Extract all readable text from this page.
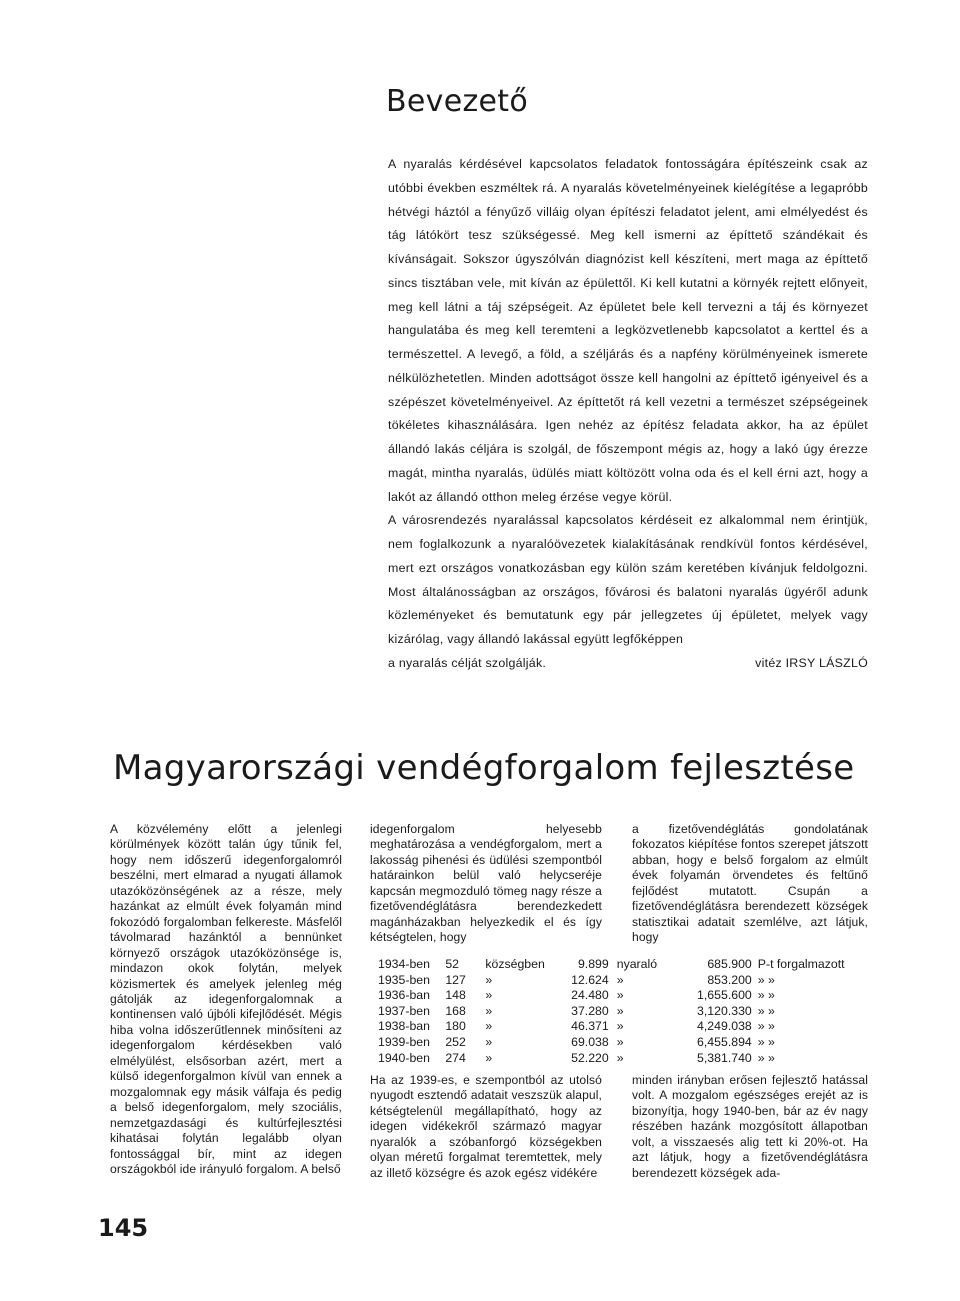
Bevezető

A nyaralás kérdésével kapcsolatos feladatok fontosságára építészeink csak az utóbbi években eszméltek rá. A nyaralás követelményeinek kielégítése a legapróbb hétvégi háztól a fényűző villáig olyan építészi feladatot jelent, ami elmélyedést és tág látókört tesz szükségessé. Meg kell ismerni az építtető szándékait és kívánságait. Sokszor úgyszólván diagnózist kell készíteni, mert maga az építtető sincs tisztában vele, mit kíván az épülettől. Ki kell kutatni a környék rejtett előnyeit, meg kell látni a táj szépségeit. Az épületet bele kell tervezni a táj és környezet hangulatába és meg kell teremteni a legközvetlenebb kapcsolatot a kerttel és a természettel. A levegő, a föld, a széljárás és a napfény körülményeinek ismerete nélkülözhetetlen. Minden adottságot össze kell hangolni az építtető igényeivel és a szépészet követelményeivel. Az építtetőt rá kell vezetni a természet szépségeinek tökéletes kihasználására. Igen nehéz az építész feladata akkor, ha az épület állandó lakás céljára is szolgál, de főszempont mégis az, hogy a lakó úgy érezze magát, mintha nyaralás, üdülés miatt költözött volna oda és el kell érni azt, hogy a lakót az állandó otthon meleg érzése vegye körül.

A városrendezés nyaralással kapcsolatos kérdéseit ez alkalommal nem érintjük, nem foglalkozunk a nyaralóövezetek kialakításának rendkívül fontos kérdésével, mert ezt országos vonatkozásban egy külön szám keretében kívánjuk feldolgozni. Most általánosságban az országos, fővárosi és balatoni nyaralás ügyéről adunk közleményeket és bemutatunk egy pár jellegzetes új épületet, melyek vagy kizárólag, vagy állandó lakással együtt legfőképpen

a nyaralás célját szolgálják.	vitéz IRSY LÁSZLÓ
Magyarországi vendégforgalom fejlesztése
A közvélemény előtt a jelenlegi körülmények között talán úgy tűnik fel, hogy nem időszerű idegenforgalomról beszélni, mert elmarad a nyugati államok utazóközönségének az a része, mely hazánkat az elmúlt évek folyamán mind fokozódó forgalomban felkereste. Másfelől távolmarad hazánktól a bennünket környező országok utazóközönsége is, mindazon okok folytán, melyek közismertek és amelyek jelenleg még gátolják az idegenforgalomnak a kontinensen való újbóli kifejlődését. Mégis hiba volna időszerűtlennek minősíteni az idegenforgalom kérdésekben való elmélyülést, elsősorban azért, mert a külső idegenforgalmon kívül van ennek a mozgalomnak egy másik válfaja és pedig a belső idegenforgalom, mely szociális, nemzetgazdasági és kultúrfejlesztési kihatásai folytán legalább olyan fontossággal bír, mint az idegen országokból ide irányuló forgalom. A belső
idegenforgalom helyesebb meghatározása a vendégforgalom, mert a lakosság pihenési és üdülési szempontból határainkon belül való helycseréje kapcsán megmozduló tömeg nagy része a fizetővendéglátásra berendezkedett magánházakban helyezkedik el és így kétségtelen, hogy
a fizetővendéglátás gondolatának fokozatos kiépítése fontos szerepet játszott abban, hogy e belső forgalom az elmúlt évek folyamán örvendetes és feltűnő fejlődést mutatott. Csupán a fizetővendéglátásra berendezett községek statisztikai adatait szemlélve, azt látjuk, hogy
1934-ben	52	községben	9.899	nyaraló	685.900	P-t forgalmazott
1935-ben	127	»	12.624	»	853.200	» »
1936-ban	148	»	24.480	»	1,655.600	» »
1937-ben	168	»	37.280	»	3,120.330	» »
1938-ban	180	»	46.371	»	4,249.038	» »
1939-ben	252	»	69.038	»	6,455.894	» »
1940-ben	274	»	52.220	»	5,381.740	» »
Ha az 1939-es, e szempontból az utolsó nyugodt esztendő adatait veszszük alapul, kétségtelenül megállapítható, hogy az idegen vidékekről származó magyar nyaralók a szóbanforgó községekben olyan méretű forgalmat teremtettek, mely az illető községre és azok egész vidékére
minden irányban erősen fejlesztő hatással volt. A mozgalom egészséges erejét az is bizonyítja, hogy 1940-ben, bár az év nagy részében hazánk mozgósított állapotban volt, a visszaesés alig tett ki 20%-ot. Ha azt látjuk, hogy a fizetővendéglátásra berendezett községek ada-
145
